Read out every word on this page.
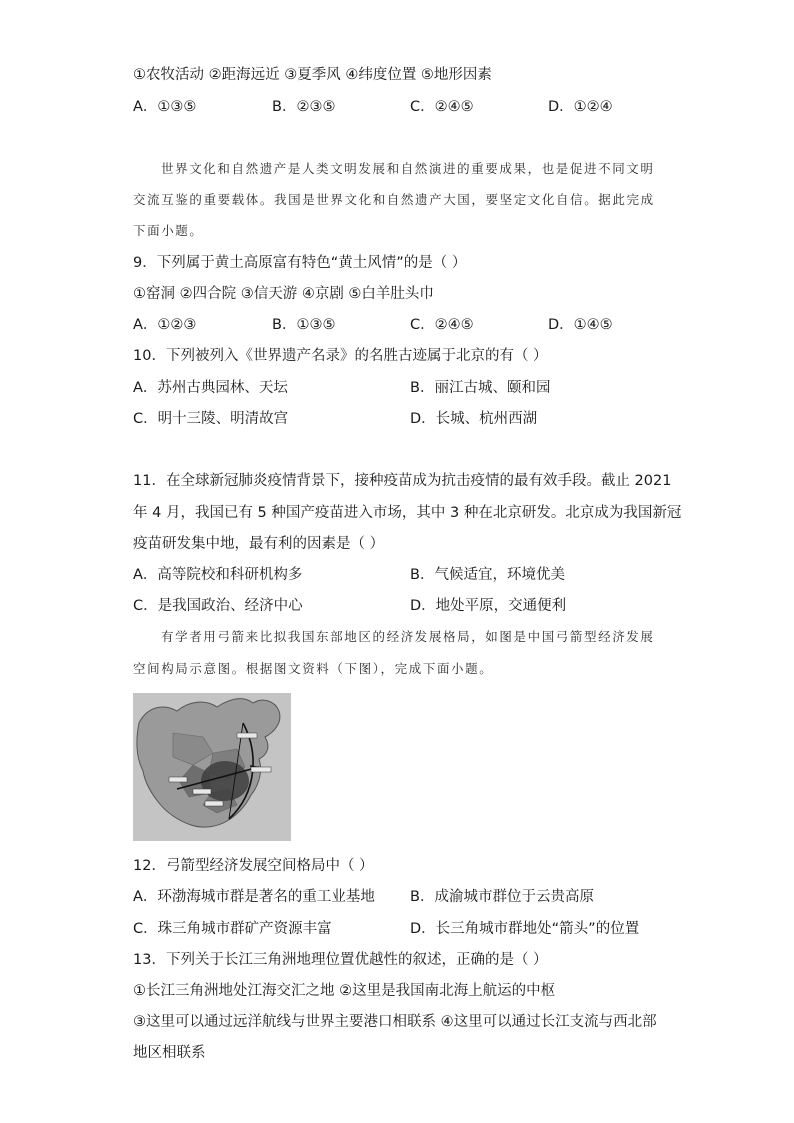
①农牧活动 ②距海远近 ③夏季风 ④纬度位置 ⑤地形因素
A．①③⑤	B．②③⑤	C．②④⑤	D．①②④
世界文化和自然遗产是人类文明发展和自然演进的重要成果，也是促进不同文明
交流互鉴的重要载体。我国是世界文化和自然遗产大国，要坚定文化自信。据此完成
下面小题。
9．下列属于黄土高原富有特色“黄土风情”的是（ ）
①窑洞 ②四合院 ③信天游 ④京剧 ⑤白羊肚头巾
A．①②③	B．①③⑤	C．②④⑤	D．①④⑤
10．下列被列入《世界遗产名录》的名胜古迹属于北京的有（ ）
A．苏州古典园林、天坛	B．丽江古城、颐和园
C．明十三陵、明清故宫	D．长城、杭州西湖
11．在全球新冠肺炎疫情背景下，接种疫苗成为抗击疫情的最有效手段。截止 2021
年 4 月，我国已有 5 种国产疫苗进入市场，其中 3 种在北京研发。北京成为我国新冠
疫苗研发集中地，最有利的因素是（ ）
A．高等院校和科研机构多	B．气候适宜，环境优美
C．是我国政治、经济中心	D．地处平原，交通便利
有学者用弓箭来比拟我国东部地区的经济发展格局，如图是中国弓箭型经济发展
空间构局示意图。根据图文资料（下图），完成下面小题。
12．弓箭型经济发展空间格局中（ ）
A．环渤海城市群是著名的重工业基地 B．成渝城市群位于云贵高原
C．珠三角城市群矿产资源丰富	D．长三角城市群地处“箭头”的位置
13．下列关于长江三角洲地理位置优越性的叙述，正确的是（ ）
①长江三角洲地处江海交汇之地 ②这里是我国南北海上航运的中枢
③这里可以通过远洋航线与世界主要港口相联系 ④这里可以通过长江支流与西北部
地区相联系
